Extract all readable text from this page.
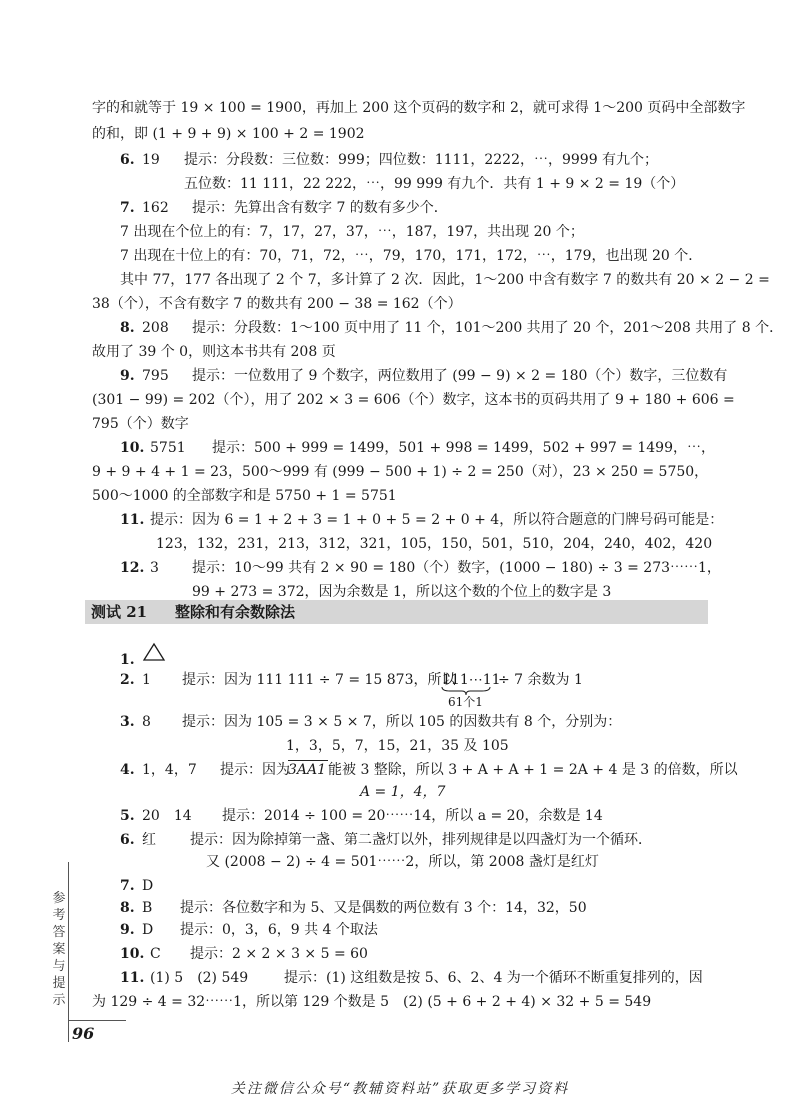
字的和就等于 19 × 100 = 1900，再加上 200 这个页码的数字和 2，就可求得 1～200 页码中全部数字
的和，即 (1 + 9 + 9) × 100 + 2 = 1902
6. 19 提示：分段数：三位数：999；四位数：1111，2222，⋯，9999 有九个；
五位数：11 111，22 222，⋯，99 999 有九个．共有 1 + 9 × 2 = 19（个）
7. 162 提示：先算出含有数字 7 的数有多少个．
7 出现在个位上的有：7，17，27，37，⋯，187，197，共出现 20 个；
7 出现在十位上的有：70，71，72，⋯，79，170，171，172，⋯，179，也出现 20 个．
其中 77，177 各出现了 2 个 7，多计算了 2 次．因此，1～200 中含有数字 7 的数共有 20 × 2 − 2 =
38（个），不含有数字 7 的数共有 200 − 38 = 162（个）
8. 208 提示：分段数：1～100 页中用了 11 个，101～200 共用了 20 个，201～208 共用了 8 个．
故用了 39 个 0，则这本书共有 208 页
9. 795 提示：一位数用了 9 个数字，两位数用了 (99 − 9) × 2 = 180（个）数字，三位数有
(301 − 99) = 202（个），用了 202 × 3 = 606（个）数字，这本书的页码共用了 9 + 180 + 606 =
795（个）数字
10. 5751 提示：500 + 999 = 1499，501 + 998 = 1499，502 + 997 = 1499，⋯，
9 + 9 + 4 + 1 = 23，500～999 有 (999 − 500 + 1) ÷ 2 = 250（对），23 × 250 = 5750，
500～1000 的全部数字和是 5750 + 1 = 5751
11. 提示：因为 6 = 1 + 2 + 3 = 1 + 0 + 5 = 2 + 0 + 4，所以符合题意的门牌号码可能是：
123，132，231，213，312，321，105，150，501，510，204，240，402，420
12. 3 提示：10～99 共有 2 × 90 = 180（个）数字，(1000 − 180) ÷ 3 = 273⋯⋯1，
99 + 273 = 372，因为余数是 1，所以这个数的个位上的数字是 3
测试 21 整除和有余数除法
1.
2. 1 提示：因为 111 111 ÷ 7 = 15 873，所以
111⋯11
61个1
÷ 7 余数为 1
3. 8 提示：因为 105 = 3 × 5 × 7，所以 105 的因数共有 8 个，分别为：
1，3，5，7，15，21，35 及 105
4. 1，4，7 提示：因为
3AA1 能被 3 整除，所以 3 + A + A + 1 = 2A + 4 是 3 的倍数，所以
A = 1，4，7
5. 20　14 提示：2014 ÷ 100 = 20⋯⋯14，所以 a = 20，余数是 14
6. 红 提示：因为除掉第一盏、第二盏灯以外，排列规律是以四盏灯为一个循环．
又 (2008 − 2) ÷ 4 = 501⋯⋯2，所以，第 2008 盏灯是红灯
7. D
8. B 提示：各位数字和为 5、又是偶数的两位数有 3 个：14，32，50
9. D 提示：0，3，6，9 共 4 个取法
10. C 提示：2 × 2 × 3 × 5 = 60
11. (1) 5　(2) 549	提示：(1) 这组数是按 5、6、2、4 为一个循环不断重复排列的，因
为 129 ÷ 4 = 32⋯⋯1，所以第 129 个数是 5　(2) (5 + 6 + 2 + 4) × 32 + 5 = 549
参考答案与提示
96
关注微信公众号“教辅资料站”获取更多学习资料
